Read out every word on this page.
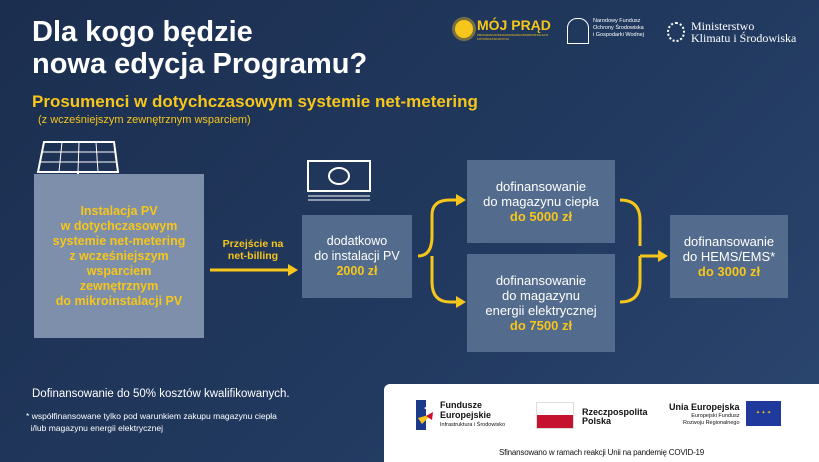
Dla kogo będzie
nowa edycja Programu?
Prosumenci w dotychczasowym systemie net-metering
(z wcześniejszym zewnętrznym wsparciem)
MÓJ PRĄD
PROGRAM DOFINANSOWANIA MIKROINSTALACJI FOTOWOLTAICZNYCH
Narodowy Fundusz
Ochrony Środowiska
i Gospodarki Wodnej
Ministerstwo
Klimatu i Środowiska
Instalacja PV
w dotychczasowym
systemie net-metering
z wcześniejszym
wsparciem
zewnętrznym
do mikroinstalacji PV
Przejście na
net-billing
dodatkowo
do instalacji PV
2000 zł
dofinansowanie
do magazynu ciepła
do 5000 zł
dofinansowanie
do magazynu
energii elektrycznej
do 7500 zł
dofinansowanie
do HEMS/EMS*
do 3000 zł
Dofinansowanie do 50% kosztów kwalifikowanych.
* współfinansowane tylko pod warunkiem zakupu magazynu ciepła
i/lub magazynu energii elektrycznej
Fundusze
Europejskie
Infrastruktura i Środowisko
Rzeczpospolita
Polska
Unia Europejska
Europejski Fundusz
Rozwoju Regionalnego
✦ ✦ ✦
Sfinansowano w ramach reakcji Unii na pandemię COVID-19
